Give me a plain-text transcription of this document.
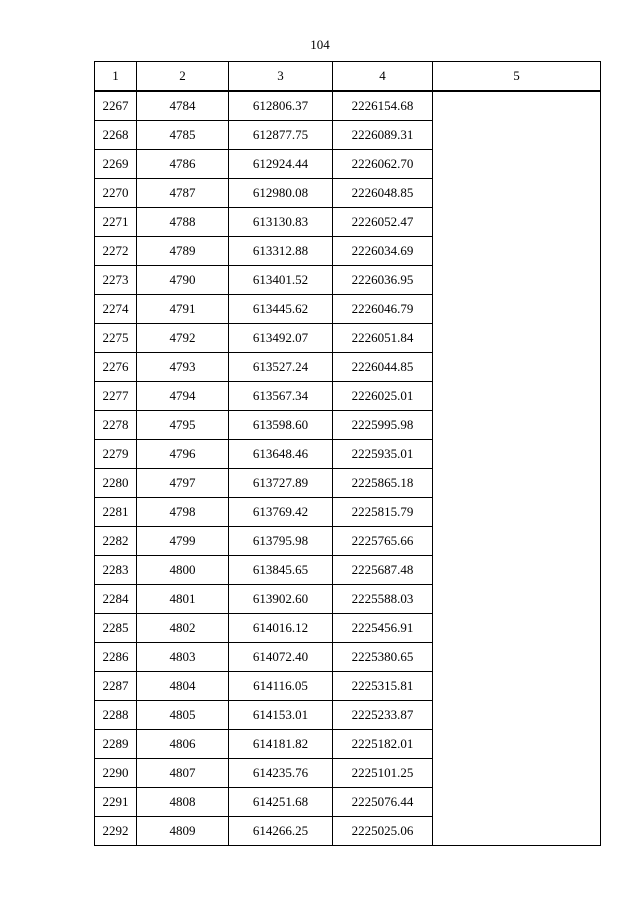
104
1	2	3	4	5
2267	4784	612806.37	2226154.68	
2268	4785	612877.75	2226089.31	
2269	4786	612924.44	2226062.70	
2270	4787	612980.08	2226048.85	
2271	4788	613130.83	2226052.47	
2272	4789	613312.88	2226034.69	
2273	4790	613401.52	2226036.95	
2274	4791	613445.62	2226046.79	
2275	4792	613492.07	2226051.84	
2276	4793	613527.24	2226044.85	
2277	4794	613567.34	2226025.01	
2278	4795	613598.60	2225995.98	
2279	4796	613648.46	2225935.01	
2280	4797	613727.89	2225865.18	
2281	4798	613769.42	2225815.79	
2282	4799	613795.98	2225765.66	
2283	4800	613845.65	2225687.48	
2284	4801	613902.60	2225588.03	
2285	4802	614016.12	2225456.91	
2286	4803	614072.40	2225380.65	
2287	4804	614116.05	2225315.81	
2288	4805	614153.01	2225233.87	
2289	4806	614181.82	2225182.01	
2290	4807	614235.76	2225101.25	
2291	4808	614251.68	2225076.44	
2292	4809	614266.25	2225025.06	
